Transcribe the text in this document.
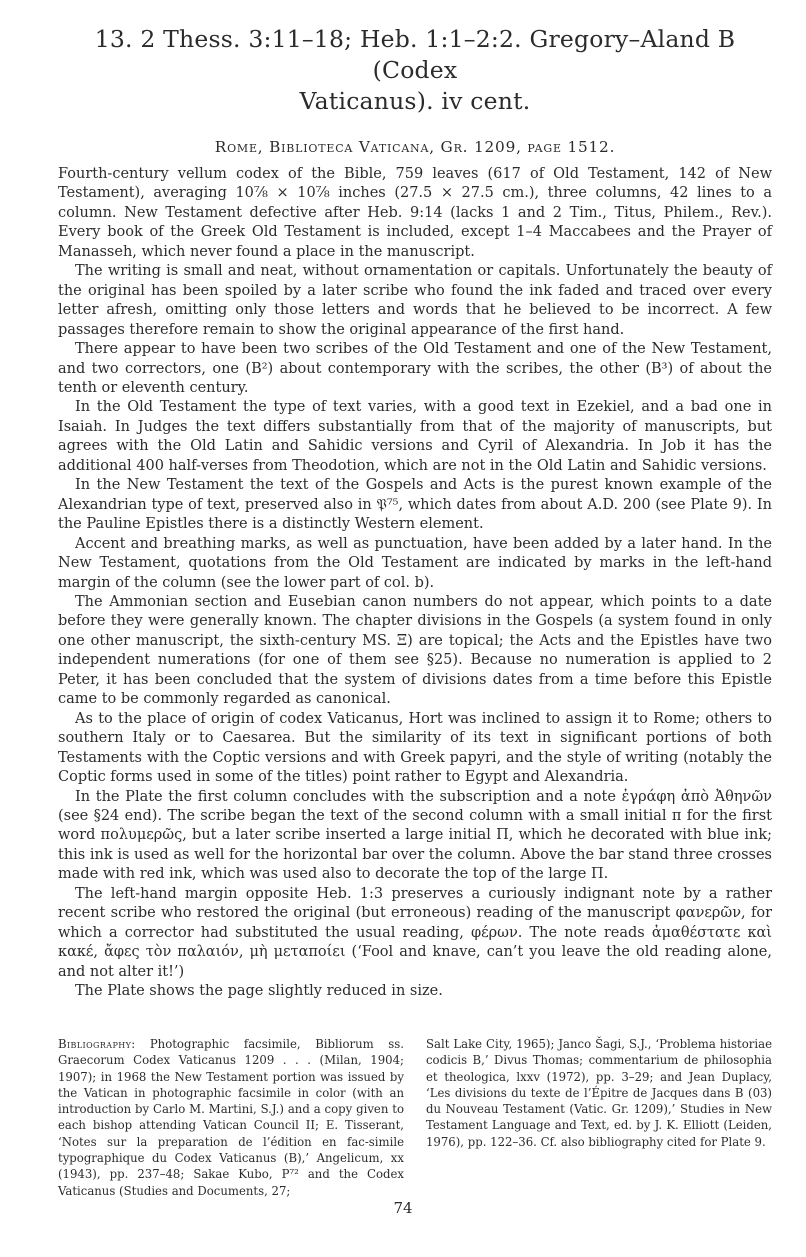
13. 2 Thess. 3:11–18; Heb. 1:1–2:2. Gregory–Aland B (Codex
Vaticanus). iv cent.
Rome, Biblioteca Vaticana, Gr. 1209, page 1512.

Fourth-century vellum codex of the Bible, 759 leaves (617 of Old Testament, 142 of New Testament), averaging 10⅞ × 10⅞ inches (27.5 × 27.5 cm.), three columns, 42 lines to a column. New Testament defective after Heb. 9:14 (lacks 1 and 2 Tim., Titus, Philem., Rev.). Every book of the Greek Old Testament is included, except 1–4 Maccabees and the Prayer of Manasseh, which never found a place in the manuscript.

The writing is small and neat, without ornamentation or capitals. Unfortunately the beauty of the original has been spoiled by a later scribe who found the ink faded and traced over every letter afresh, omitting only those letters and words that he believed to be incorrect. A few passages therefore remain to show the original appearance of the first hand.

There appear to have been two scribes of the Old Testament and one of the New Testament, and two correctors, one (B²) about contemporary with the scribes, the other (B³) of about the tenth or eleventh century.

In the Old Testament the type of text varies, with a good text in Ezekiel, and a bad one in Isaiah. In Judges the text differs substantially from that of the majority of manuscripts, but agrees with the Old Latin and Sahidic versions and Cyril of Alexandria. In Job it has the additional 400 half-verses from Theodotion, which are not in the Old Latin and Sahidic versions.

In the New Testament the text of the Gospels and Acts is the purest known example of the Alexandrian type of text, preserved also in 𝔓⁷⁵, which dates from about A.D. 200 (see Plate 9). In the Pauline Epistles there is a distinctly Western element.

Accent and breathing marks, as well as punctuation, have been added by a later hand. In the New Testament, quotations from the Old Testament are indicated by marks in the left-hand margin of the column (see the lower part of col. b).

The Ammonian section and Eusebian canon numbers do not appear, which points to a date before they were generally known. The chapter divisions in the Gospels (a system found in only one other manuscript, the sixth-century MS. Ξ) are topical; the Acts and the Epistles have two independent numerations (for one of them see §25). Because no numeration is applied to 2 Peter, it has been concluded that the system of divisions dates from a time before this Epistle came to be commonly regarded as canonical.

As to the place of origin of codex Vaticanus, Hort was inclined to assign it to Rome; others to southern Italy or to Caesarea. But the similarity of its text in significant portions of both Testaments with the Coptic versions and with Greek papyri, and the style of writing (notably the Coptic forms used in some of the titles) point rather to Egypt and Alexandria.

In the Plate the first column concludes with the subscription and a note ἐγράφη ἀπὸ Ἀθηνῶν (see §24 end). The scribe began the text of the second column with a small initial π for the first word πολυμερῶς, but a later scribe inserted a large initial Π, which he decorated with blue ink; this ink is used as well for the horizontal bar over the column. Above the bar stand three crosses made with red ink, which was used also to decorate the top of the large Π.

The left-hand margin opposite Heb. 1:3 preserves a curiously indignant note by a rather recent scribe who restored the original (but erroneous) reading of the manuscript φανερῶν, for which a corrector had substituted the usual reading, φέρων. The note reads ἀμαθέστατε καὶ κακέ, ἄφες τὸν παλαιόν, μὴ μεταποίει (‘Fool and knave, can’t you leave the old reading alone, and not alter it!’)

The Plate shows the page slightly reduced in size.

Bibliography: Photographic facsimile, Bibliorum ss. Graecorum Codex Vaticanus 1209 . . . (Milan, 1904; 1907); in 1968 the New Testament portion was issued by the Vatican in photographic facsimile in color (with an introduction by Carlo M. Martini, S.J.) and a copy given to each bishop attending Vatican Council II; E. Tisserant, ‘Notes sur la preparation de l’édition en fac-simile typographique du Codex Vaticanus (B),’ Angelicum, xx (1943), pp. 237–48; Sakae Kubo, P⁷² and the Codex Vaticanus (Studies and Documents, 27;
Salt Lake City, 1965); Janco Šagi, S.J., ‘Problema historiae codicis B,’ Divus Thomas; commentarium de philosophia et theologica, lxxv (1972), pp. 3–29; and Jean Duplacy, ‘Les divisions du texte de l’Épitre de Jacques dans B (03) du Nouveau Testament (Vatic. Gr. 1209),’ Studies in New Testament Language and Text, ed. by J. K. Elliott (Leiden, 1976), pp. 122–36. Cf. also bibliography cited for Plate 9.
74
